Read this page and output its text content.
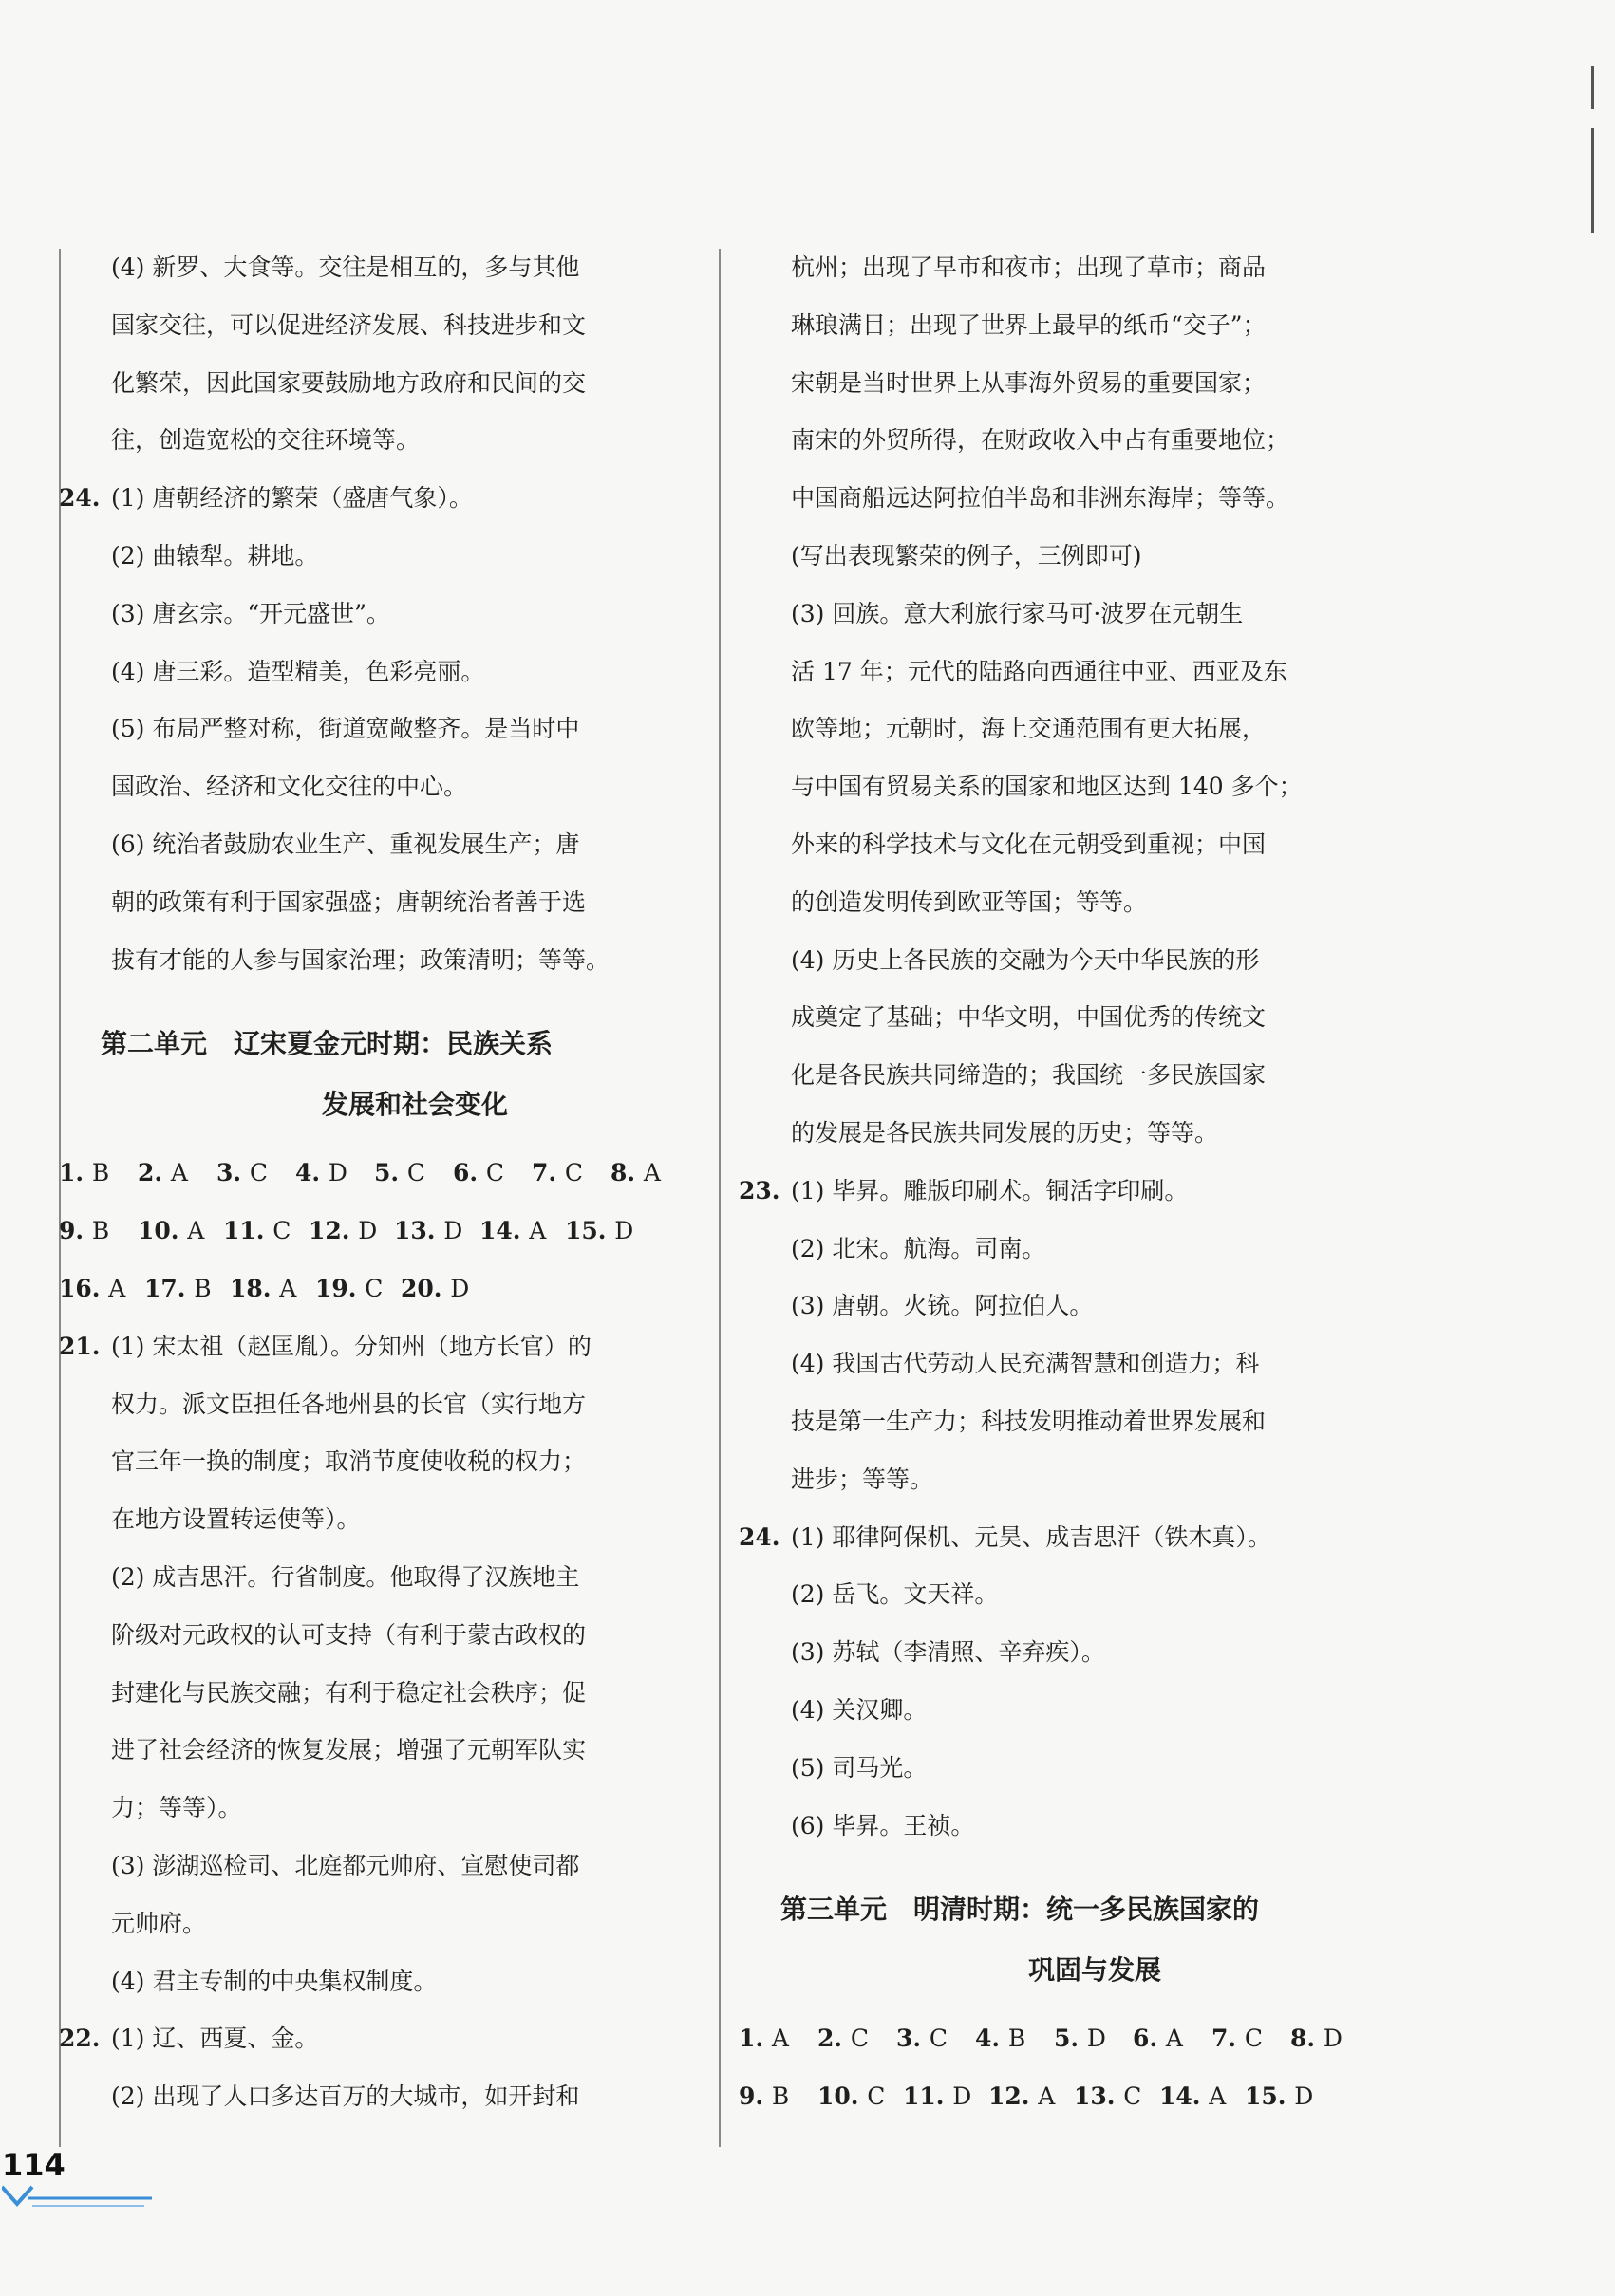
(4) 新罗、大食等。交往是相互的，多与其他
国家交往，可以促进经济发展、科技进步和文
化繁荣，因此国家要鼓励地方政府和民间的交
往，创造宽松的交往环境等。
24. (1) 唐朝经济的繁荣（盛唐气象）。
(2) 曲辕犁。耕地。
(3) 唐玄宗。“开元盛世”。
(4) 唐三彩。造型精美，色彩亮丽。
(5) 布局严整对称，街道宽敞整齐。是当时中
国政治、经济和文化交往的中心。
(6) 统治者鼓励农业生产、重视发展生产；唐
朝的政策有利于国家强盛；唐朝统治者善于选
拔有才能的人参与国家治理；政策清明；等等。
第二单元　辽宋夏金元时期：民族关系
发展和社会变化
1. B 2. A 3. C 4. D 5. C 6. C 7. C 8. A
9. B 10. A 11. C 12. D 13. D 14. A 15. D
16. A 17. B 18. A 19. C 20. D
21. (1) 宋太祖（赵匡胤）。分知州（地方长官）的
权力。派文臣担任各地州县的长官（实行地方
官三年一换的制度；取消节度使收税的权力；
在地方设置转运使等）。
(2) 成吉思汗。行省制度。他取得了汉族地主
阶级对元政权的认可支持（有利于蒙古政权的
封建化与民族交融；有利于稳定社会秩序；促
进了社会经济的恢复发展；增强了元朝军队实
力；等等）。
(3) 澎湖巡检司、北庭都元帅府、宣慰使司都
元帅府。
(4) 君主专制的中央集权制度。
22. (1) 辽、西夏、金。
(2) 出现了人口多达百万的大城市，如开封和
杭州；出现了早市和夜市；出现了草市；商品
琳琅满目；出现了世界上最早的纸币“交子”；
宋朝是当时世界上从事海外贸易的重要国家；
南宋的外贸所得，在财政收入中占有重要地位；
中国商船远达阿拉伯半岛和非洲东海岸；等等。
(写出表现繁荣的例子，三例即可)
(3) 回族。意大利旅行家马可·波罗在元朝生
活 17 年；元代的陆路向西通往中亚、西亚及东
欧等地；元朝时，海上交通范围有更大拓展，
与中国有贸易关系的国家和地区达到 140 多个；
外来的科学技术与文化在元朝受到重视；中国
的创造发明传到欧亚等国；等等。
(4) 历史上各民族的交融为今天中华民族的形
成奠定了基础；中华文明，中国优秀的传统文
化是各民族共同缔造的；我国统一多民族国家
的发展是各民族共同发展的历史；等等。
23. (1) 毕昇。雕版印刷术。铜活字印刷。
(2) 北宋。航海。司南。
(3) 唐朝。火铳。阿拉伯人。
(4) 我国古代劳动人民充满智慧和创造力；科
技是第一生产力；科技发明推动着世界发展和
进步；等等。
24. (1) 耶律阿保机、元昊、成吉思汗（铁木真）。
(2) 岳飞。文天祥。
(3) 苏轼（李清照、辛弃疾）。
(4) 关汉卿。
(5) 司马光。
(6) 毕昇。王祯。
第三单元　明清时期：统一多民族国家的
巩固与发展
1. A 2. C 3. C 4. B 5. D 6. A 7. C 8. D
9. B 10. C 11. D 12. A 13. C 14. A 15. D
114
